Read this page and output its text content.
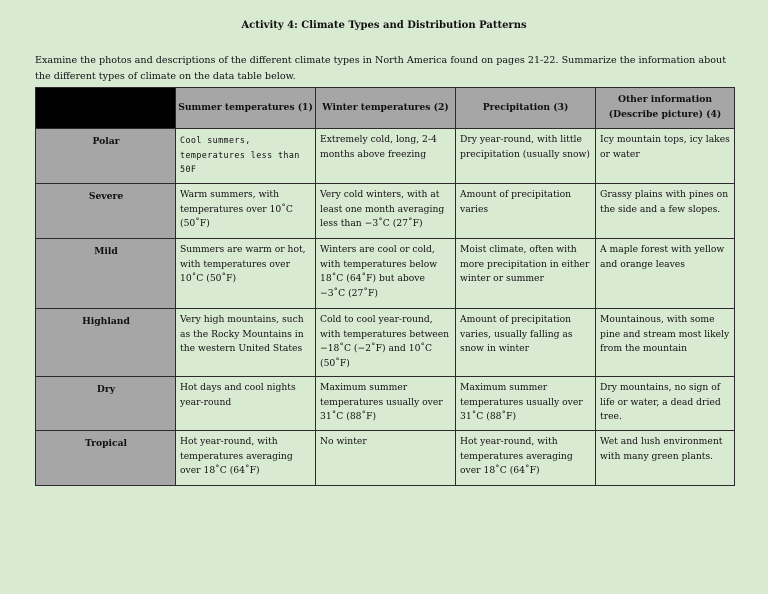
Activity 4: Climate Types and Distribution Patterns
Examine the photos and descriptions of the different climate types in North America found on pages 21-22. Summarize the information about the different types of climate on the data table below.
	Summer temperatures (1)	Winter temperatures (2)	Precipitation (3)	Other information (Describe picture) (4)
Polar	Cool summers, temperatures less than 50F	Extremely cold, long, 2-4 months above freezing	Dry year-round, with little precipitation (usually snow)	Icy mountain tops, icy lakes or water
Severe	Warm summers, with temperatures over 10˚C (50˚F)	Very cold winters, with at least one month averaging less than −3˚C (27˚F)	Amount of precipitation varies	Grassy plains with pines on the side and a few slopes.
Mild	Summers are warm or hot, with temperatures over 10˚C (50˚F)	Winters are cool or cold, with temperatures below 18˚C (64˚F) but above −3˚C (27˚F)	Moist climate, often with more precipitation in either winter or summer	A maple forest with yellow and orange leaves
Highland	Very high mountains, such as the Rocky Mountains in the western United States	Cold to cool year-round, with temperatures between −18˚C (−2˚F) and 10˚C (50˚F)	Amount of precipitation varies, usually falling as snow in winter	Mountainous, with some pine and stream most likely from the mountain
Dry	Hot days and cool nights year-round	Maximum summer temperatures usually over 31˚C (88˚F)	Maximum summer temperatures usually over 31˚C (88˚F)	Dry mountains, no sign of life or water, a dead dried tree.
Tropical	Hot year-round, with temperatures averaging over 18˚C (64˚F)	No winter	Hot year-round, with temperatures averaging over 18˚C (64˚F)	Wet and lush environment with many green plants.
